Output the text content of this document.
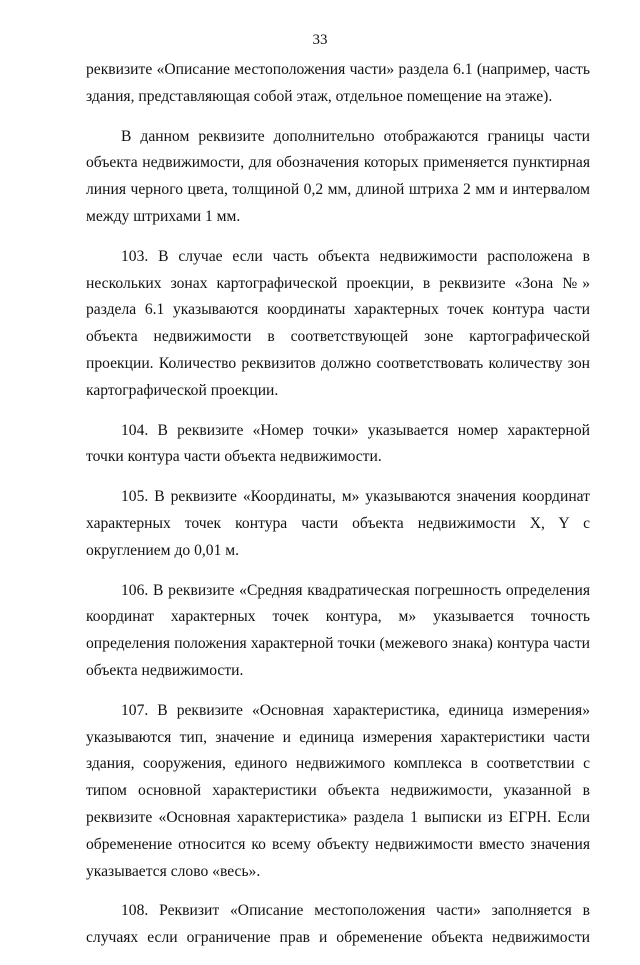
33

реквизите «Описание местоположения части» раздела 6.1 (например, часть здания, представляющая собой этаж, отдельное помещение на этаже).

В данном реквизите дополнительно отображаются границы части объекта недвижимости, для обозначения которых применяется пунктирная линия черного цвета, толщиной 0,2 мм, длиной штриха 2 мм и интервалом между штрихами 1 мм.

103. В случае если часть объекта недвижимости расположена в нескольких зонах картографической проекции, в реквизите «Зона №» раздела 6.1 указываются координаты характерных точек контура части объекта недвижимости в соответствующей зоне картографической проекции. Количество реквизитов должно соответствовать количеству зон картографической проекции.

104. В реквизите «Номер точки» указывается номер характерной точки контура части объекта недвижимости.

105. В реквизите «Координаты, м» указываются значения координат характерных точек контура части объекта недвижимости X, Y с округлением до 0,01 м.

106. В реквизите «Средняя квадратическая погрешность определения координат характерных точек контура, м» указывается точность определения положения характерной точки (межевого знака) контура части объекта недвижимости.

107. В реквизите «Основная характеристика, единица измерения» указываются тип, значение и единица измерения характеристики части здания, сооружения, единого недвижимого комплекса в соответствии с типом основной характеристики объекта недвижимости, указанной в реквизите «Основная характеристика» раздела 1 выписки из ЕГРН. Если обременение относится ко всему объекту недвижимости вместо значения указывается слово «весь».

108. Реквизит «Описание местоположения части» заполняется в случаях если ограничение прав и обременение объекта недвижимости
